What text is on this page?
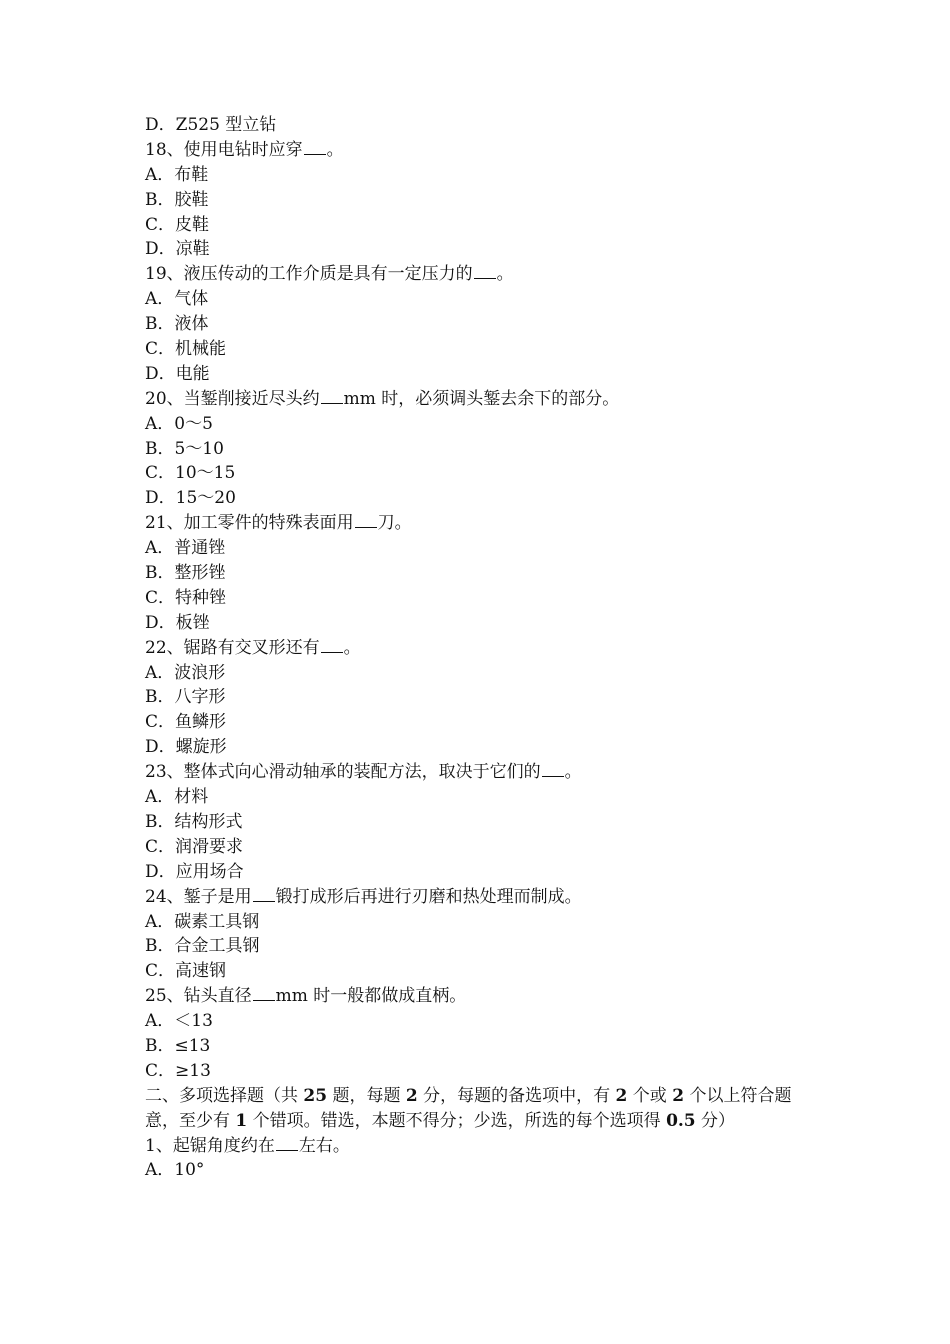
D．Z525 型立钻
18、使用电钻时应穿 。
A．布鞋
B．胶鞋
C．皮鞋
D．凉鞋
19、液压传动的工作介质是具有一定压力的 。
A．气体
B．液体
C．机械能
D．电能
20、当錾削接近尽头约 mm 时，必须调头錾去余下的部分。
A．0～5
B．5～10
C．10～15
D．15～20
21、加工零件的特殊表面用 刀。
A．普通锉
B．整形锉
C．特种锉
D．板锉
22、锯路有交叉形还有 。
A．波浪形
B．八字形
C．鱼鳞形
D．螺旋形
23、整体式向心滑动轴承的装配方法，取决于它们的 。
A．材料
B．结构形式
C．润滑要求
D．应用场合
24、錾子是用 锻打成形后再进行刃磨和热处理而制成。
A．碳素工具钢
B．合金工具钢
C．高速钢
25、钻头直径 mm 时一般都做成直柄。
A．＜13
B．≤13
C．≥13
二、多项选择题（共 25 题，每题 2 分，每题的备选项中，有 2 个或 2 个以上符合题意，至少有 1 个错项。错选，本题不得分；少选，所选的每个选项得 0.5 分）
1、起锯角度约在 左右。
A．10°
